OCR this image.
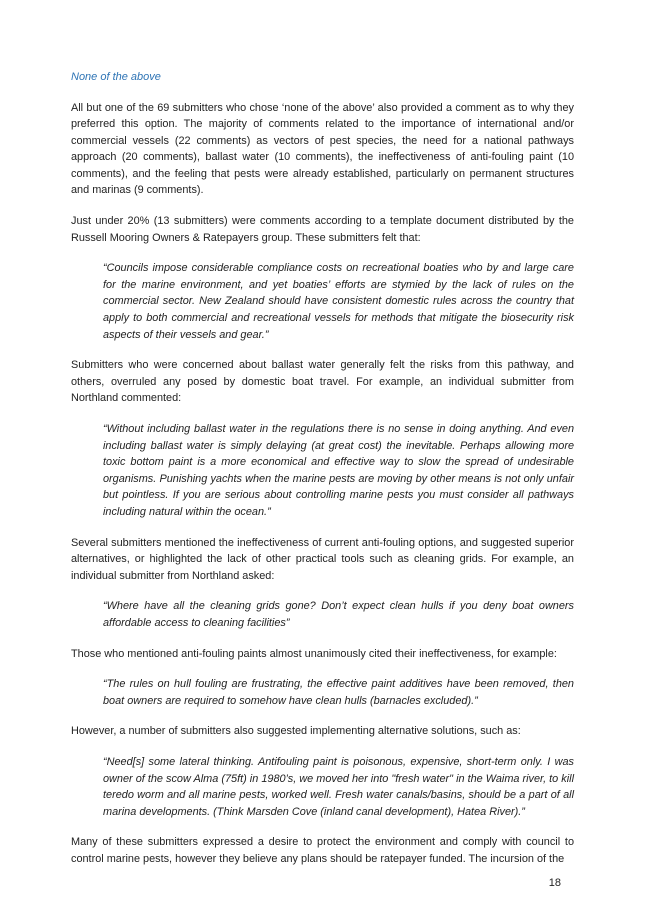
None of the above

All but one of the 69 submitters who chose ‘none of the above’ also provided a comment as to why they preferred this option. The majority of comments related to the importance of international and/or commercial vessels (22 comments) as vectors of pest species, the need for a national pathways approach (20 comments), ballast water (10 comments), the ineffectiveness of anti-fouling paint (10 comments), and the feeling that pests were already established, particularly on permanent structures and marinas (9 comments).

Just under 20% (13 submitters) were comments according to a template document distributed by the Russell Mooring Owners & Ratepayers group. These submitters felt that:

“Councils impose considerable compliance costs on recreational boaties who by and large care for the marine environment, and yet boaties’ efforts are stymied by the lack of rules on the commercial sector. New Zealand should have consistent domestic rules across the country that apply to both commercial and recreational vessels for methods that mitigate the biosecurity risk aspects of their vessels and gear.”

Submitters who were concerned about ballast water generally felt the risks from this pathway, and others, overruled any posed by domestic boat travel. For example, an individual submitter from Northland commented:

“Without including ballast water in the regulations there is no sense in doing anything. And even including ballast water is simply delaying (at great cost) the inevitable. Perhaps allowing more toxic bottom paint is a more economical and effective way to slow the spread of undesirable organisms. Punishing yachts when the marine pests are moving by other means is not only unfair but pointless. If you are serious about controlling marine pests you must consider all pathways including natural within the ocean.”

Several submitters mentioned the ineffectiveness of current anti-fouling options, and suggested superior alternatives, or highlighted the lack of other practical tools such as cleaning grids. For example, an individual submitter from Northland asked:

“Where have all the cleaning grids gone? Don’t expect clean hulls if you deny boat owners affordable access to cleaning facilities”

Those who mentioned anti-fouling paints almost unanimously cited their ineffectiveness, for example:

“The rules on hull fouling are frustrating, the effective paint additives have been removed, then boat owners are required to somehow have clean hulls (barnacles excluded).”

However, a number of submitters also suggested implementing alternative solutions, such as:

“Need[s] some lateral thinking. Antifouling paint is poisonous, expensive, short-term only. I was owner of the scow Alma (75ft) in 1980’s, we moved her into "fresh water" in the Waima river, to kill teredo worm and all marine pests, worked well. Fresh water canals/basins, should be a part of all marina developments. (Think Marsden Cove (inland canal development), Hatea River).”

Many of these submitters expressed a desire to protect the environment and comply with council to control marine pests, however they believe any plans should be ratepayer funded. The incursion of the

18
